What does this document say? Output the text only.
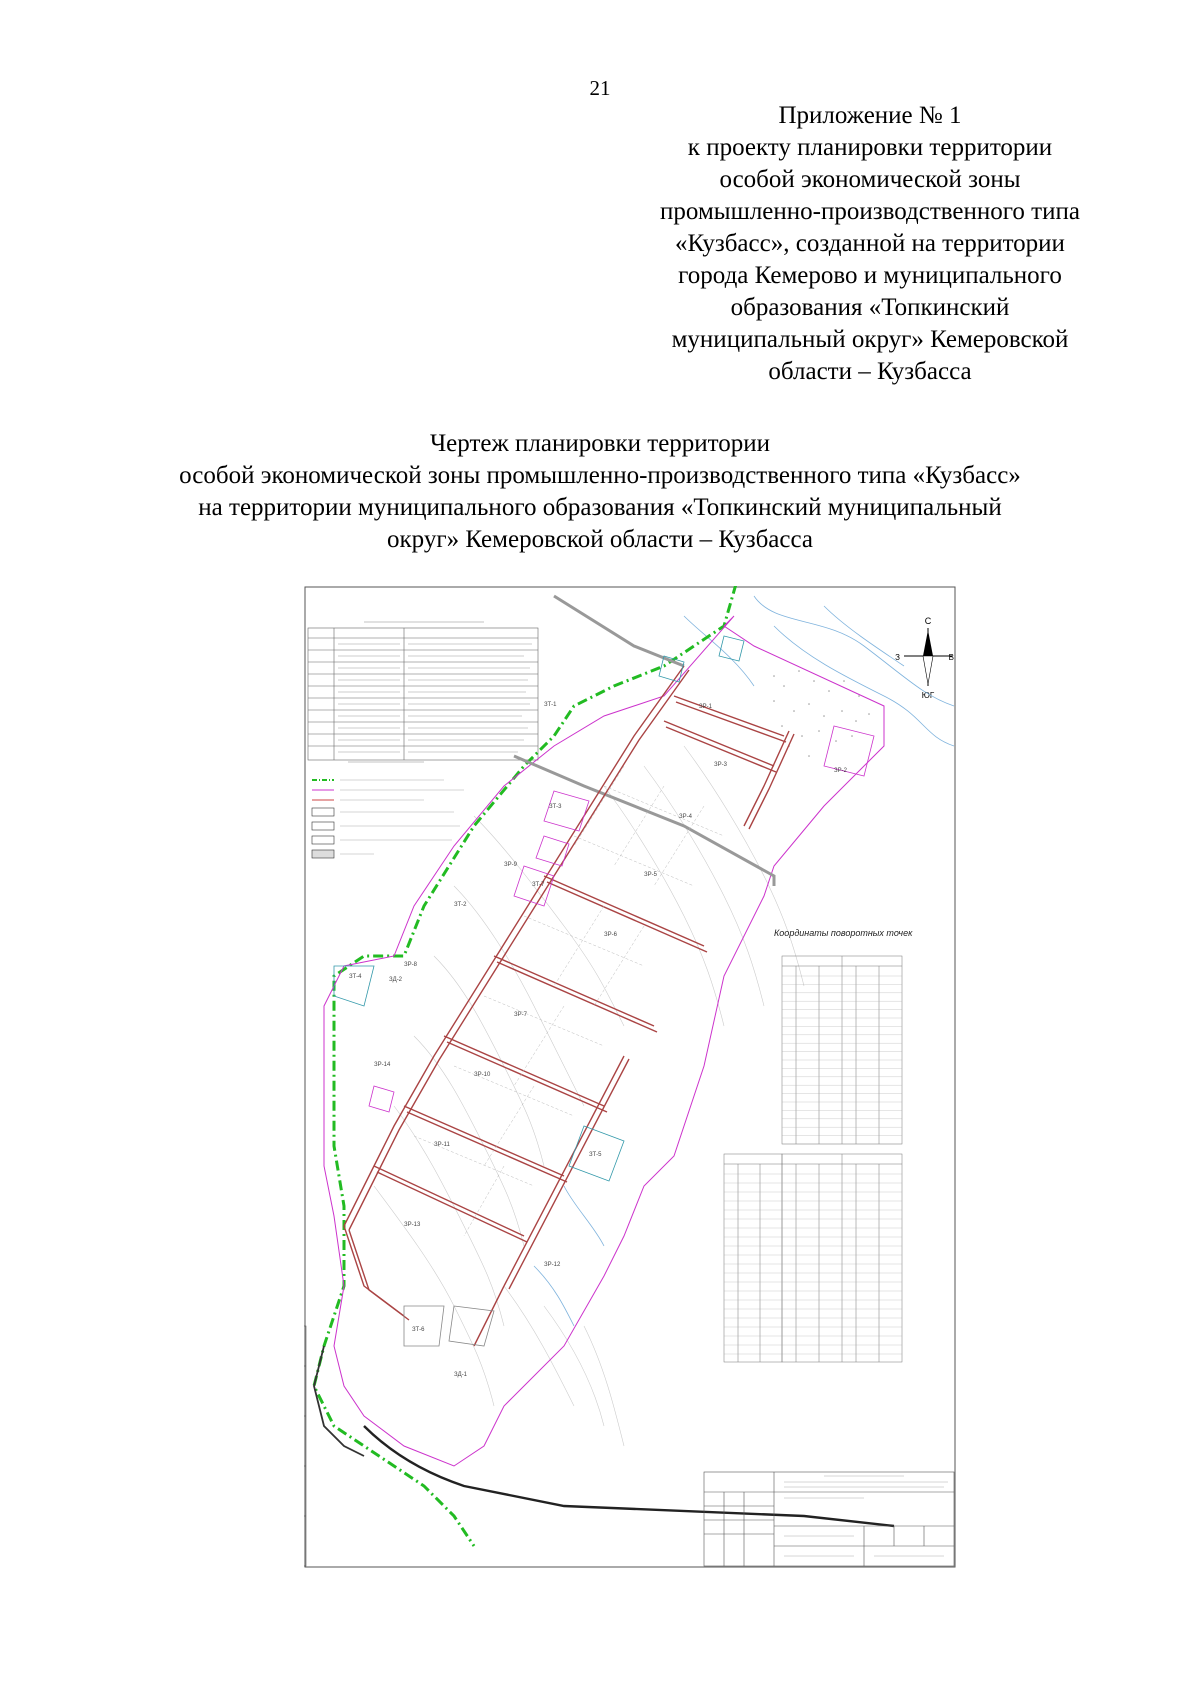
21
Приложение № 1
к проекту планировки территории
особой экономической зоны
промышленно-производственного типа
«Кузбасс», созданной на территории
города Кемерово и муниципального
образования «Топкинский
муниципальный округ» Кемеровской
области – Кузбасса
Чертеж планировки территории
особой экономической зоны промышленно-производственного типа «Кузбасс»
на территории муниципального образования «Топкинский муниципальный
округ» Кемеровской области – Кузбасса
С
ЮГ
З	В
ЗР-1
ЗР-2
ЗР-3
ЗР-4
ЗР-5
ЗР-6
ЗР-7
ЗР-8
ЗР-9
ЗР-10
ЗР-11
ЗР-12
ЗР-13
ЗР-14
ЗТ-1
ЗТ-2
ЗТ-3
ЗТ-4
ЗТ-5
ЗТ-6
ЗТ-7
ЗД-1
ЗД-2
Координаты поворотных точек
